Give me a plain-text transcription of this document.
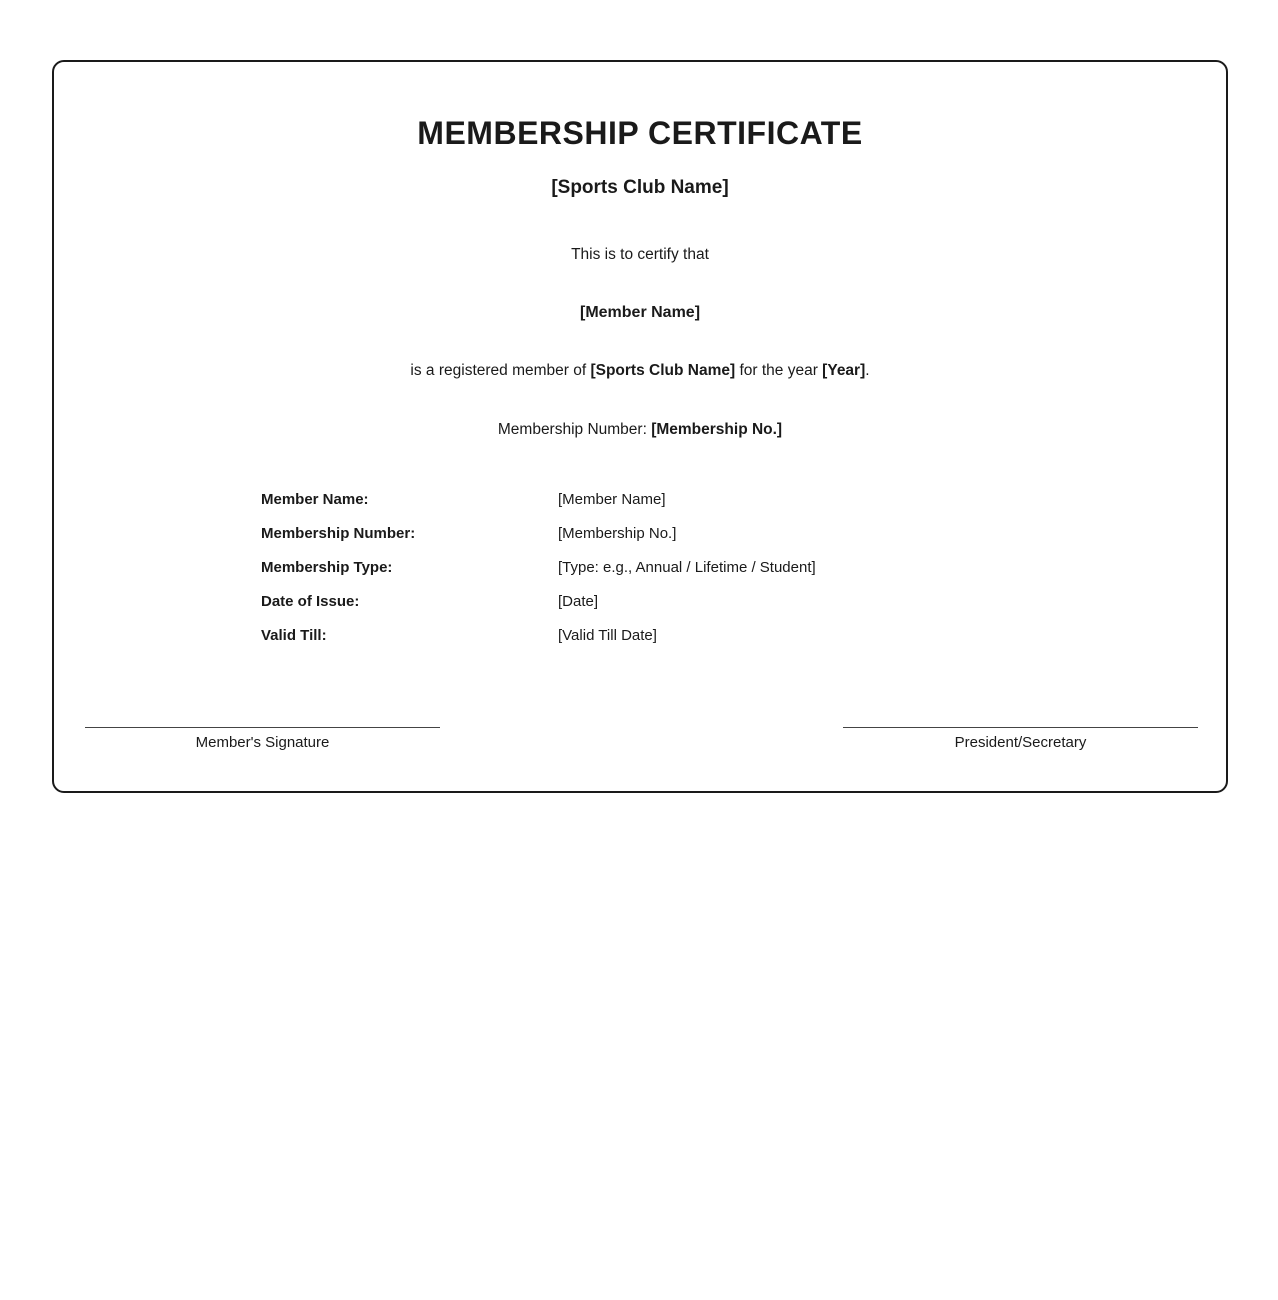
MEMBERSHIP CERTIFICATE
[Sports Club Name]
This is to certify that
[Member Name]
is a registered member of [Sports Club Name] for the year [Year].
Membership Number: [Membership No.]
Member Name:	[Member Name]
Membership Number:	[Membership No.]
Membership Type:	[Type: e.g., Annual / Lifetime / Student]
Date of Issue:	[Date]
Valid Till:	[Valid Till Date]
Member's Signature	President/Secretary
